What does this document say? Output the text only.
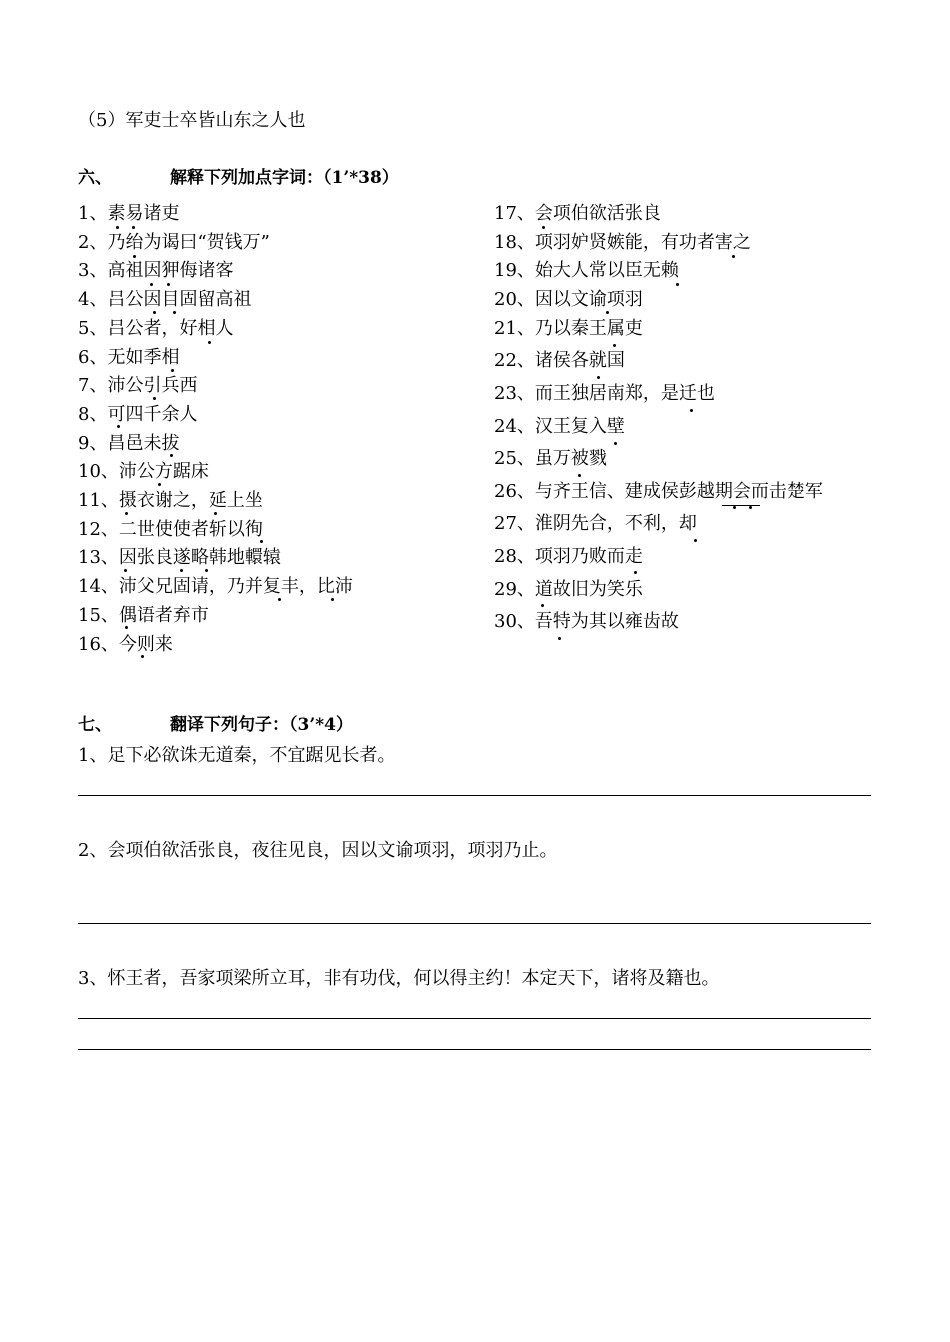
（5）军吏士卒皆山东之人也
六、	解释下列加点字词：（1’*38）
1、素易诸吏
2、乃绐为谒曰“贺钱万”
3、高祖因狎侮诸客
4、吕公因目固留高祖
5、吕公者，好相人
6、无如季相
7、沛公引兵西
8、可四千余人
9、昌邑未拔
10、沛公方踞床
11、摄衣谢之，延上坐
12、二世使使者斩以徇
13、因张良遂略韩地轘辕
14、沛父兄固请，乃并复丰，比沛
15、偶语者弃市
16、今则来
17、会项伯欲活张良
18、项羽妒贤嫉能，有功者害之
19、始大人常以臣无赖
20、因以文谕项羽
21、乃以秦王属吏
22、诸侯各就国
23、而王独居南郑，是迁也
24、汉王复入壁
25、虽万被戮
26、与齐王信、建成侯彭越期会而击楚军
27、淮阴先合，不利，却
28、项羽乃败而走
29、道故旧为笑乐
30、吾特为其以雍齿故
七、	翻译下列句子：（3’*4）
1、足下必欲诛无道秦，不宜踞见长者。
2、会项伯欲活张良，夜往见良，因以文谕项羽，项羽乃止。
3、怀王者，吾家项梁所立耳，非有功伐，何以得主约！本定天下，诸将及籍也。
